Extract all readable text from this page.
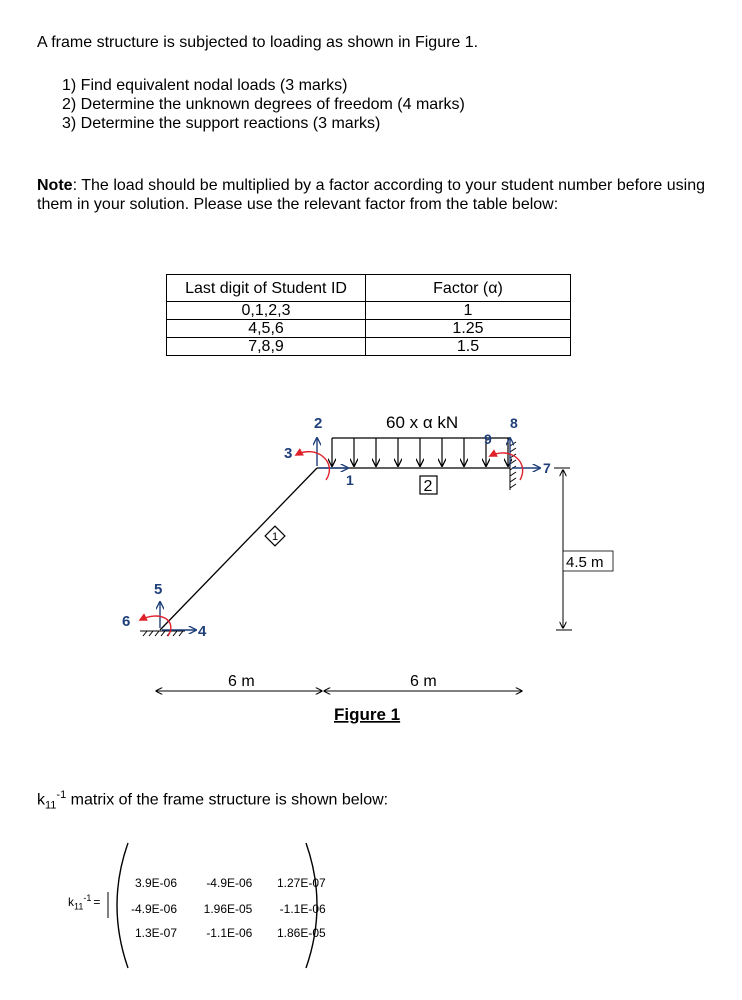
A frame structure is subjected to loading as shown in Figure 1.
1) Find equivalent nodal loads (3 marks)
2) Determine the unknown degrees of freedom (4 marks)
3) Determine the support reactions (3 marks)
Note: The load should be multiplied by a factor according to your student number before using them in your solution. Please use the relevant factor from the table below:
Last digit of Student ID	Factor (α)
0,1,2,3	1
4,5,6	1.25
7,8,9	1.5
60 x α kN
1
2
5
4
6
2
1
3
8
7
9
4.5 m
6 m	6 m
Figure 1
$k_{11}^{-1}$ matrix of the frame structure is shown below:
$k_{11}^{-1}$ =
3.9E-06 -4.9E-06 1.27E-07
-4.9E-06 1.96E-05 -1.1E-06
1.3E-07 -1.1E-06 1.86E-05
